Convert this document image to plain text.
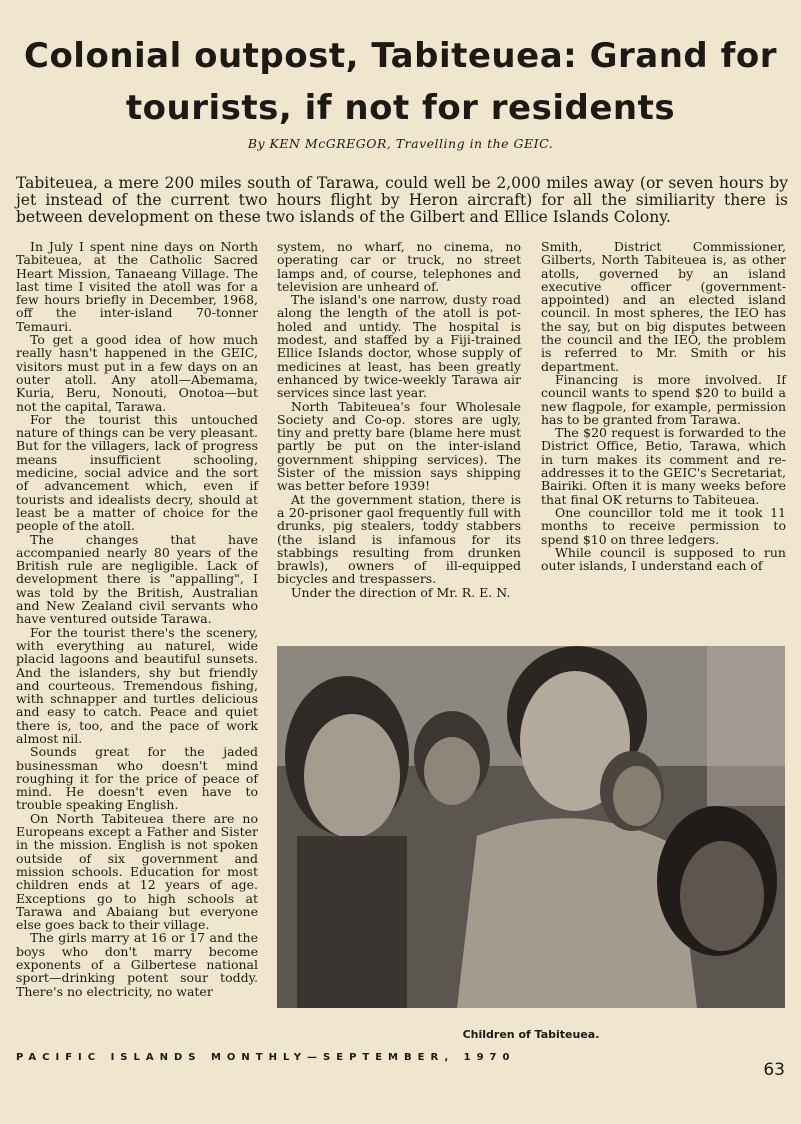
Colonial outpost, Tabiteuea: Grand for tourists, if not for residents
By KEN McGREGOR, Travelling in the GEIC.

Tabiteuea, a mere 200 miles south of Tarawa, could well be 2,000 miles away (or seven hours by jet instead of the current two hours flight by Heron aircraft) for all the similiarity there is between development on these two islands of the Gilbert and Ellice Islands Colony.

In July I spent nine days on North Tabiteuea, at the Catholic Sacred Heart Mission, Tanaeang Village. The last time I visited the atoll was for a few hours briefly in December, 1968, off the inter-island 70-tonner Temauri.

To get a good idea of how much really hasn't happened in the GEIC, visitors must put in a few days on an outer atoll. Any atoll—Abemama, Kuria, Beru, Nonouti, Onotoa—but not the capital, Tarawa.

For the tourist this untouched nature of things can be very pleasant. But for the villagers, lack of progress means insufficient schooling, medicine, social advice and the sort of advancement which, even if tourists and idealists decry, should at least be a matter of choice for the people of the atoll.

The changes that have accompanied nearly 80 years of the British rule are negligible. Lack of development there is "appalling", I was told by the British, Australian and New Zealand civil servants who have ventured outside Tarawa.

For the tourist there's the scenery, with everything au naturel, wide placid lagoons and beautiful sunsets. And the islanders, shy but friendly and courteous. Tremendous fishing, with schnapper and turtles delicious and easy to catch. Peace and quiet there is, too, and the pace of work almost nil.

Sounds great for the jaded businessman who doesn't mind roughing it for the price of peace of mind. He doesn't even have to trouble speaking English.

On North Tabiteuea there are no Europeans except a Father and Sister in the mission. English is not spoken outside of six government and mission schools. Education for most children ends at 12 years of age. Exceptions go to high schools at Tarawa and Abaiang but everyone else goes back to their village.

The girls marry at 16 or 17 and the boys who don't marry become exponents of a Gilbertese national sport—drinking potent sour toddy. There's no electricity, no water

system, no wharf, no cinema, no operating car or truck, no street lamps and, of course, telephones and television are unheard of.

The island's one narrow, dusty road along the length of the atoll is pot-holed and untidy. The hospital is modest, and staffed by a Fiji-trained Ellice Islands doctor, whose supply of medicines at least, has been greatly enhanced by twice-weekly Tarawa air services since last year.

North Tabiteuea's four Wholesale Society and Co-op. stores are ugly, tiny and pretty bare (blame here must partly be put on the inter-island government shipping services). The Sister of the mission says shipping was better before 1939!

At the government station, there is a 20-prisoner gaol frequently full with drunks, pig stealers, toddy stabbers (the island is infamous for its stabbings resulting from drunken brawls), owners of ill-equipped bicycles and trespassers.

Under the direction of Mr. R. E. N.

Smith, District Commissioner, Gilberts, North Tabiteuea is, as other atolls, governed by an island executive officer (government-appointed) and an elected island council. In most spheres, the IEO has the say, but on big disputes between the council and the IEO, the problem is referred to Mr. Smith or his department.

Financing is more involved. If council wants to spend $20 to build a new flagpole, for example, permission has to be granted from Tarawa.

The $20 request is forwarded to the District Office, Betio, Tarawa, which in turn makes its comment and re-addresses it to the GEIC's Secretariat, Bairiki. Often it is many weeks before that final OK returns to Tabiteuea.

One councillor told me it took 11 months to receive permission to spend $10 on three ledgers.

While council is supposed to run outer islands, I understand each of

Children of Tabiteuea.
PACIFIC ISLANDS MONTHLY—SEPTEMBER, 1970
63
